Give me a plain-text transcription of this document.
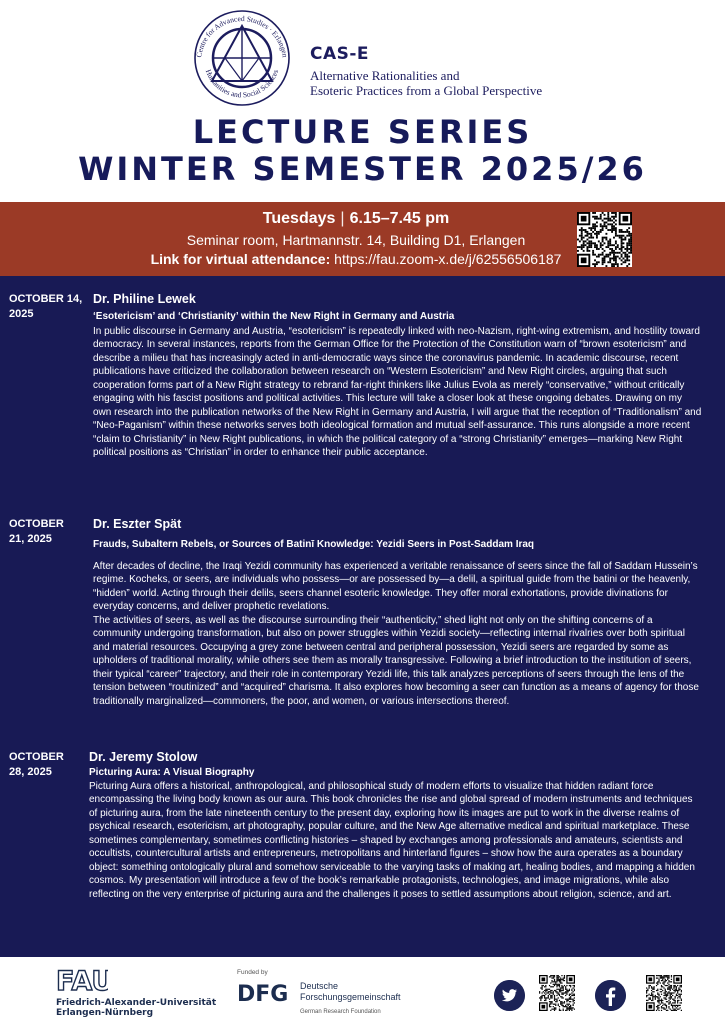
Centre for Advanced Studies · Erlangen
Humanities and Social Sciences
CAS-E
Alternative Rationalities and
Esoteric Practices from a Global Perspective
LECTURE SERIES
WINTER SEMESTER 2025/26
Tuesdays | 6.15–7.45 pm
Seminar room, Hartmannstr. 14, Building D1, Erlangen
Link for virtual attendance: https://fau.zoom-x.de/j/62556506187
OCTOBER 14,
2025
Dr. Philine Lewek
‘Esotericism’ and ‘Christianity’ within the New Right in Germany and Austria
In public discourse in Germany and Austria, “esotericism” is repeatedly linked with neo-Nazism, right-wing extremism, and hostility toward democracy. In several instances, reports from the German Office for the Protection of the Constitution warn of “brown esotericism” and describe a milieu that has increasingly acted in anti-democratic ways since the coronavirus pandemic. In academic discourse, recent publications have criticized the collaboration between research on “Western Esotericism” and New Right circles, arguing that such cooperation forms part of a New Right strategy to rebrand far-right thinkers like Julius Evola as merely “conservative,” without critically engaging with his fascist positions and political activities. This lecture will take a closer look at these ongoing debates. Drawing on my own research into the publication networks of the New Right in Germany and Austria, I will argue that the reception of “Traditionalism” and “Neo-Paganism” within these networks serves both ideological formation and mutual self-assurance. This runs alongside a more recent “claim to Christianity” in New Right publications, in which the political category of a “strong Christianity” emerges—marking New Right political positions as “Christian” in order to enhance their public acceptance.
OCTOBER
21, 2025
Dr. Eszter Spät
Frauds, Subaltern Rebels, or Sources of Batinī Knowledge: Yezidi Seers in Post-Saddam Iraq
After decades of decline, the Iraqi Yezidi community has experienced a veritable renaissance of seers since the fall of Saddam Hussein’s regime. Kocheks, or seers, are individuals who possess—or are possessed by—a delil, a spiritual guide from the batini or the heavenly, “hidden” world. Acting through their delils, seers channel esoteric knowledge. They offer moral exhortations, provide divinations for everyday concerns, and deliver prophetic revelations.
The activities of seers, as well as the discourse surrounding their “authenticity,” shed light not only on the shifting concerns of a community undergoing transformation, but also on power struggles within Yezidi society—reflecting internal rivalries over both spiritual and material resources. Occupying a grey zone between central and peripheral possession, Yezidi seers are regarded by some as upholders of traditional morality, while others see them as morally transgressive. Following a brief introduction to the institution of seers, their typical “career” trajectory, and their role in contemporary Yezidi life, this talk analyzes perceptions of seers through the lens of the tension between “routinized” and “acquired” charisma. It also explores how becoming a seer can function as a means of agency for those traditionally marginalized—commoners, the poor, and women, or various intersections thereof.
OCTOBER
28, 2025
Dr. Jeremy Stolow
Picturing Aura: A Visual Biography
Picturing Aura offers a historical, anthropological, and philosophical study of modern efforts to visualize that hidden radiant force encompassing the living body known as our aura. This book chronicles the rise and global spread of modern instruments and techniques of picturing aura, from the late nineteenth century to the present day, exploring how its images are put to work in the diverse realms of psychical research, esotericism, art photography, popular culture, and the New Age alternative medical and spiritual marketplace. These sometimes complementary, sometimes conflicting histories – shaped by exchanges among professionals and amateurs, scientists and occultists, countercultural artists and entrepreneurs, metropolitans and hinterland figures – show how the aura operates as a boundary object: something ontologically plural and somehow serviceable to the varying tasks of making art, healing bodies, and mapping a hidden cosmos. My presentation will introduce a few of the book’s remarkable protagonists, technologies, and image migrations, while also reflecting on the very enterprise of picturing aura and the challenges it poses to settled assumptions about religion, science, and art.
FAU
Friedrich-Alexander-Universität
Erlangen-Nürnberg
Funded by
DFG Deutsche
Forschungsgemeinschaft
German Research Foundation
